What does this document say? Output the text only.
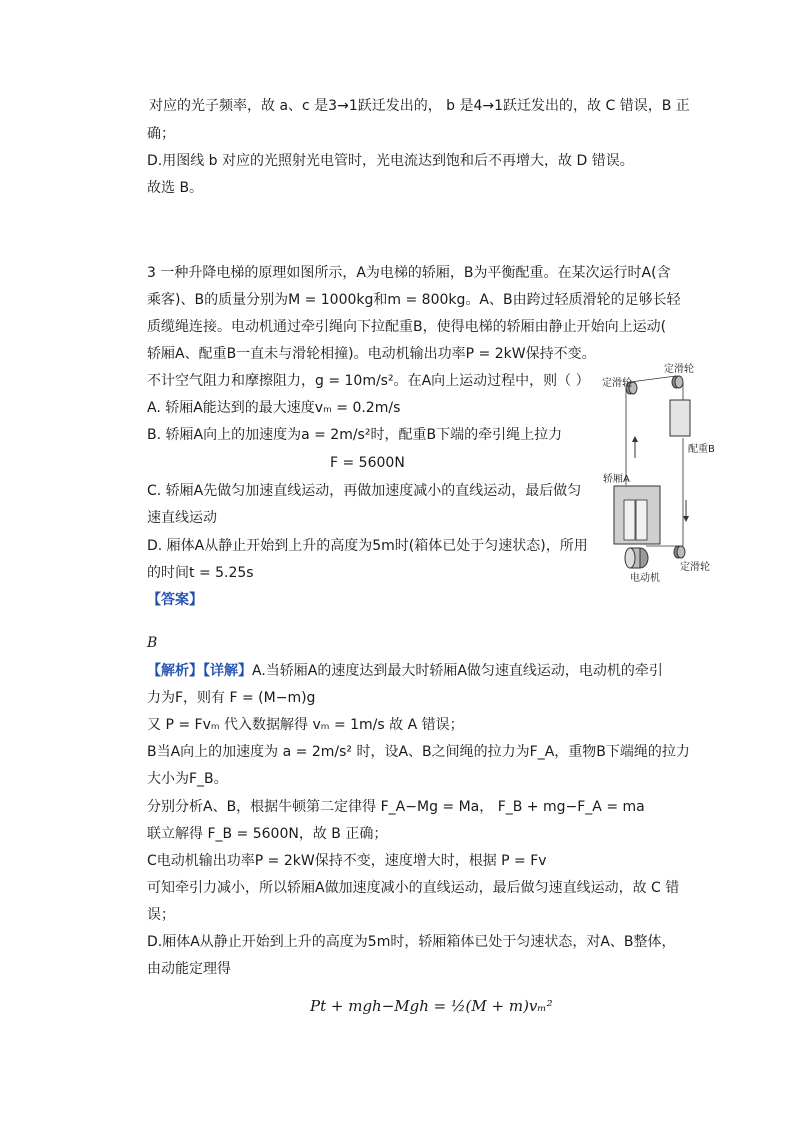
对应的光子频率，故 a、c 是3→1跃迁发出的， b 是4→1跃迁发出的，故 C 错误，B 正
确；
D.用图线 b 对应的光照射光电管时，光电流达到饱和后不再增大，故 D 错误。
故选 B。
3 一种升降电梯的原理如图所示，A为电梯的轿厢，B为平衡配重。在某次运行时A(含
乘客)、B的质量分别为M = 1000kg和m = 800kg。A、B由跨过轻质滑轮的足够长轻
质缆绳连接。电动机通过牵引绳向下拉配重B，使得电梯的轿厢由静止开始向上运动(
轿厢A、配重B一直未与滑轮相撞)。电动机输出功率P = 2kW保持不变。
不计空气阻力和摩擦阻力，g = 10m/s²。在A向上运动过程中，则（ ）
A. 轿厢A能达到的最大速度vₘ = 0.2m/s
B. 轿厢A向上的加速度为a = 2m/s²时，配重B下端的牵引绳上拉力
F = 5600N
C. 轿厢A先做匀加速直线运动，再做加速度减小的直线运动，最后做匀
速直线运动
D. 厢体A从静止开始到上升的高度为5m时(箱体已处于匀速状态)，所用
的时间t = 5.25s
定滑轮
定滑轮
配重B
轿厢A
定滑轮
电动机
【答案】
B
【解析】【详解】A.当轿厢A的速度达到最大时轿厢A做匀速直线运动，电动机的牵引
力为F，则有 F = (M−m)g
又 P = Fvₘ 代入数据解得 vₘ = 1m/s 故 A 错误；
B当A向上的加速度为 a = 2m/s² 时，设A、B之间绳的拉力为F_A，重物B下端绳的拉力
大小为F_B。
分别分析A、B，根据牛顿第二定律得 F_A−Mg = Ma， F_B + mg−F_A = ma
联立解得 F_B = 5600N，故 B 正确；
C电动机输出功率P = 2kW保持不变，速度增大时，根据 P = Fv
可知牵引力减小，所以轿厢A做加速度减小的直线运动，最后做匀速直线运动，故 C 错
误；
D.厢体A从静止开始到上升的高度为5m时，轿厢箱体已处于匀速状态，对A、B整体，
由动能定理得
Pt + mgh−Mgh = ½(M + m)vₘ²
